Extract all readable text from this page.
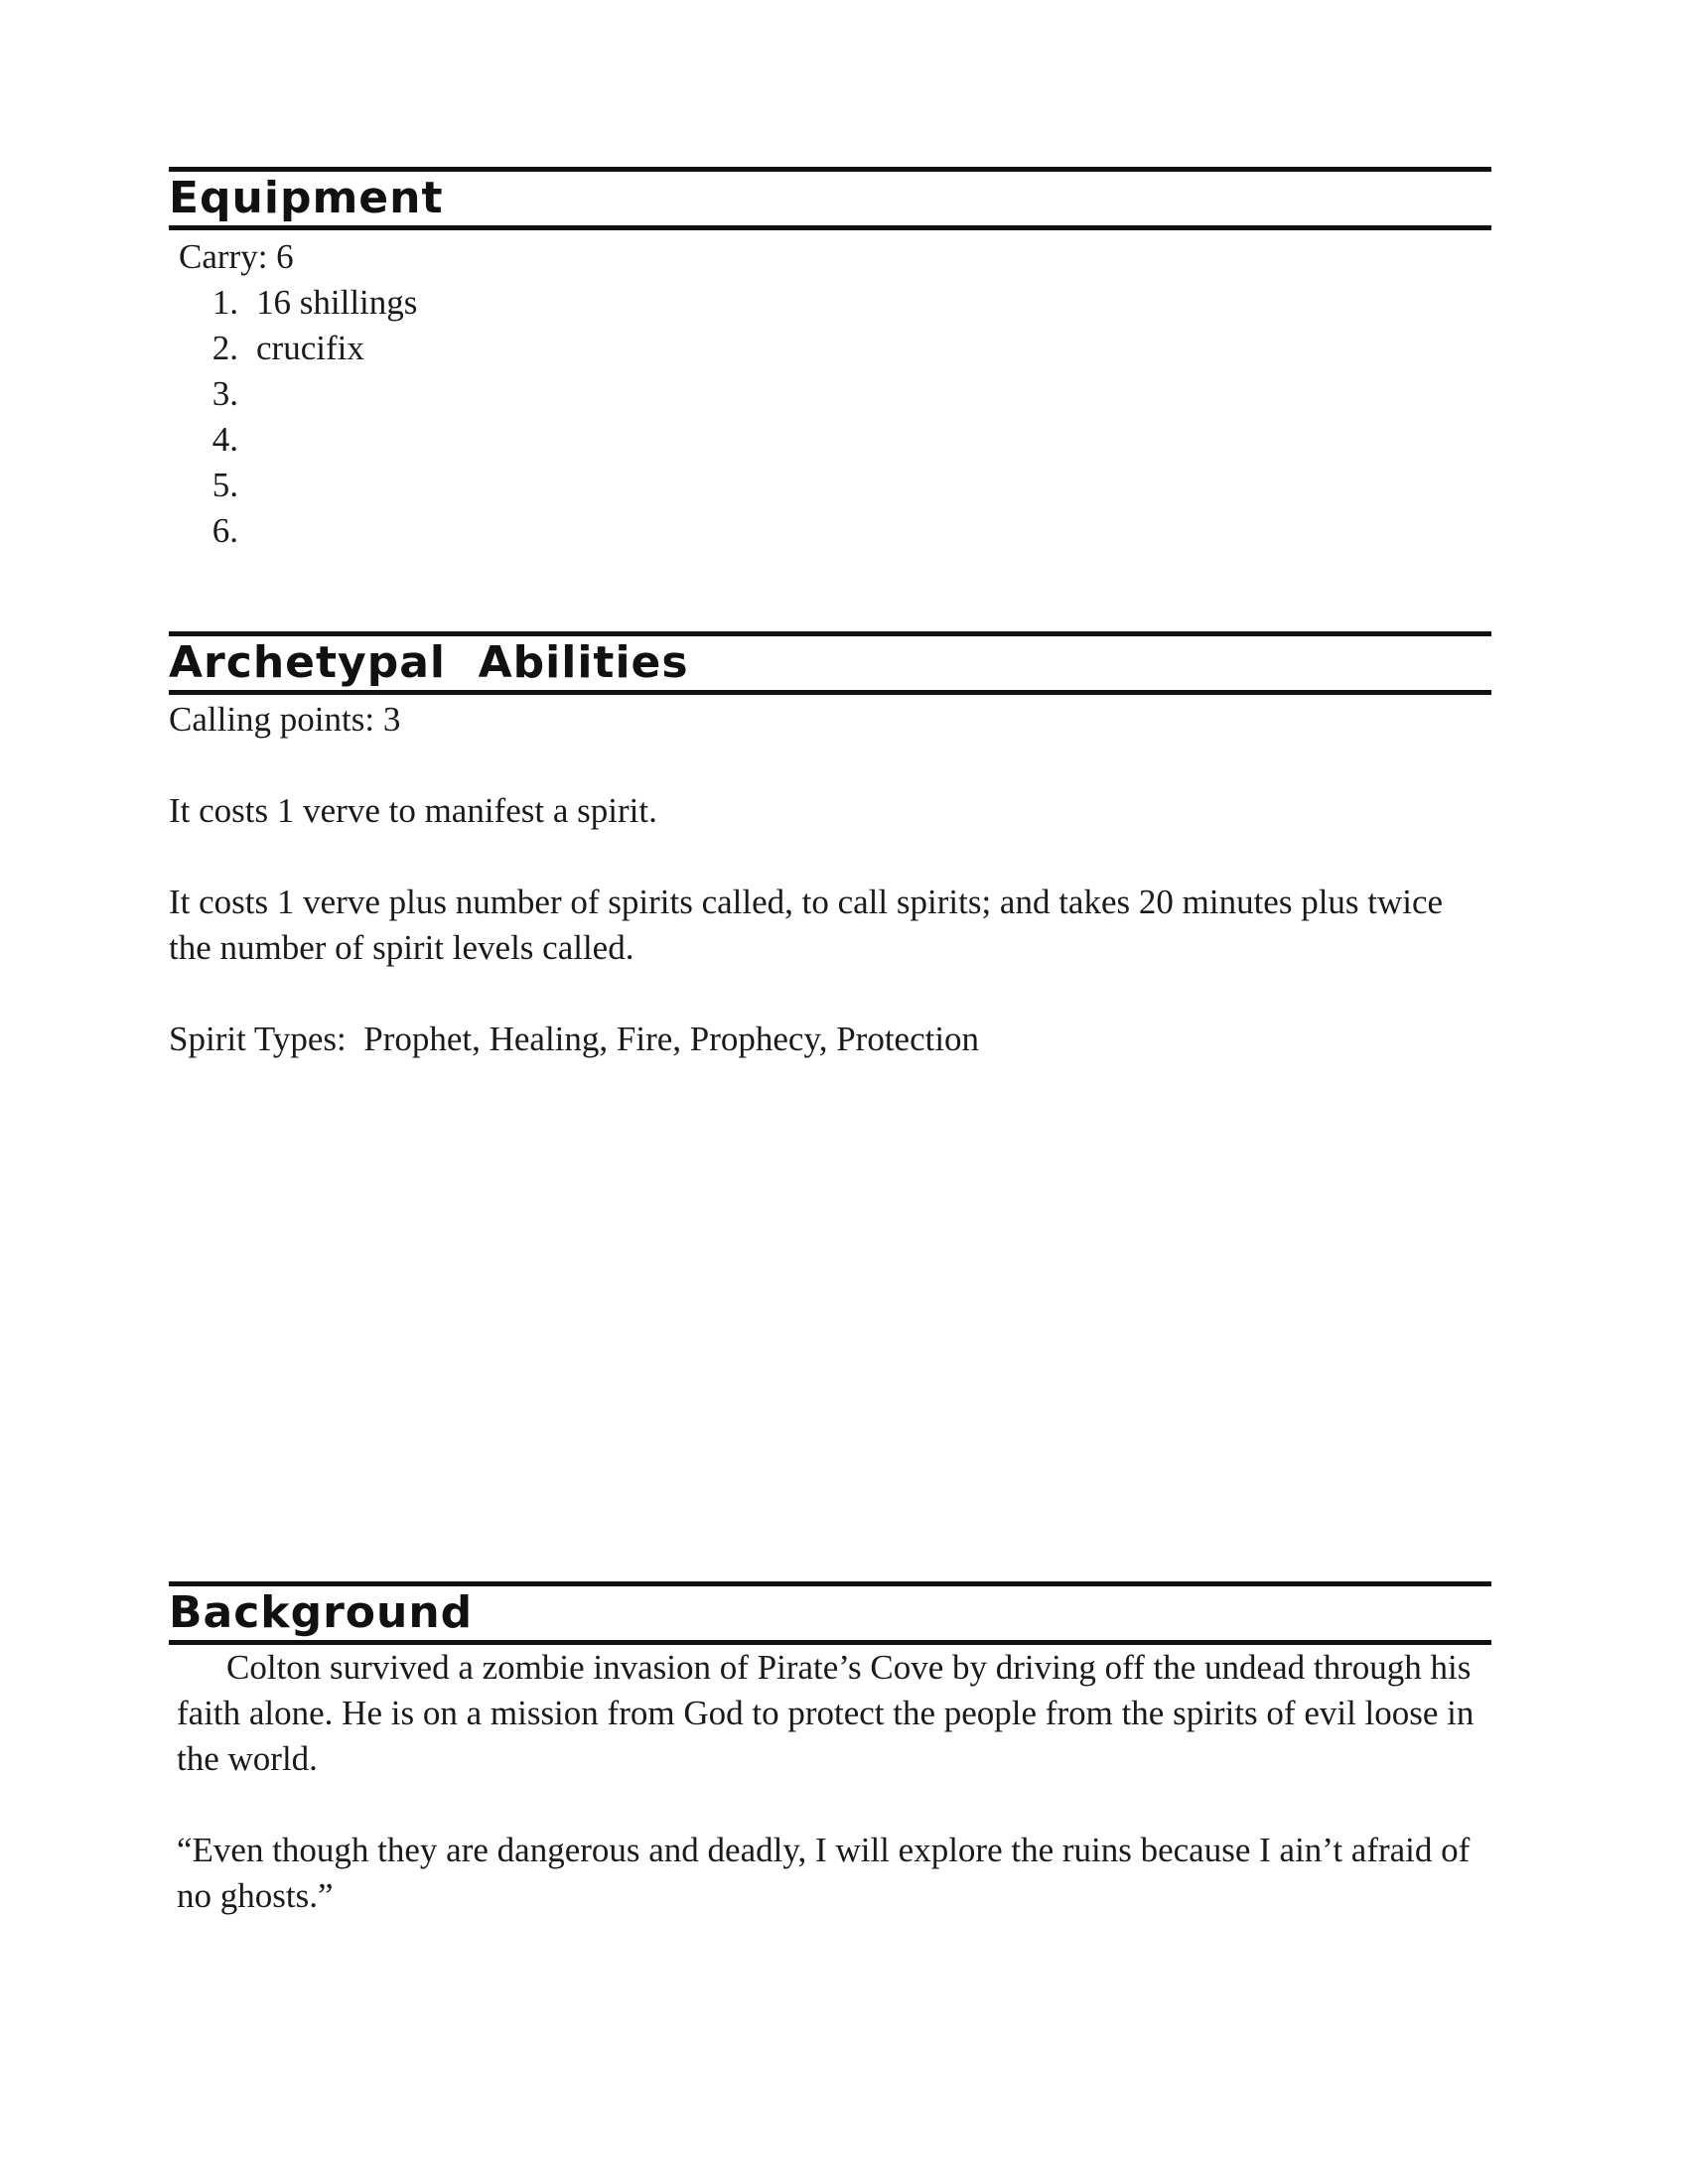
Equipment
Carry: 6
1. 16 shillings
2. crucifix
3.
4.
5.
6.
Archetypal  Abilities

Calling points: 3

It costs 1 verve to manifest a spirit.

It costs 1 verve plus number of spirits called, to call spirits; and takes 20 minutes plus twice the number of spirit levels called.

Spirit Types:  Prophet, Healing, Fire, Prophecy, Protection

Background

Colton survived a zombie invasion of Pirate’s Cove by driving off the undead through his faith alone. He is on a mission from God to protect the people from the spirits of evil loose in the world.

“Even though they are dangerous and deadly, I will explore the ruins because I ain’t afraid of no ghosts.”
